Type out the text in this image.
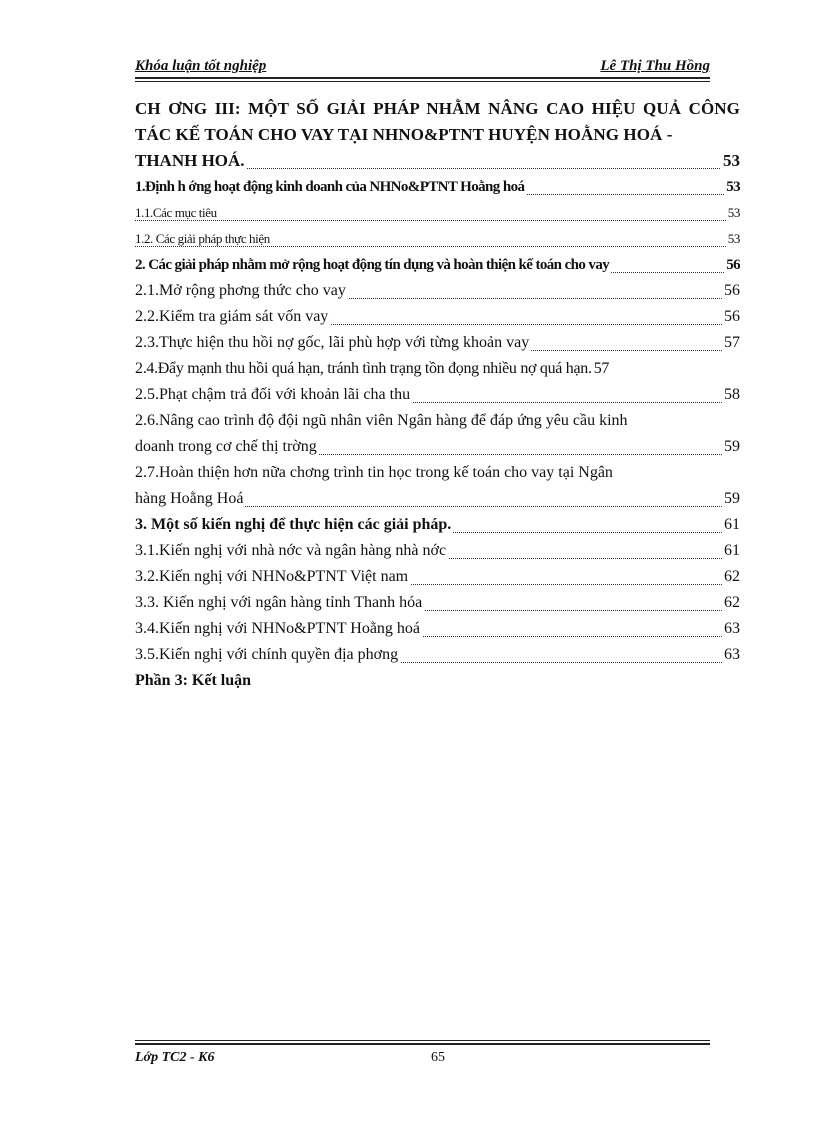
Khóa luận tốt nghiệp	Lê Thị Thu Hồng
CH ƠNG III: MỘT SỐ GIẢI PHÁP NHẰM NÂNG CAO HIỆU QUẢ CÔNG TÁC KẾ TOÁN CHO VAY TẠI NHNO&PTNT HUYỆN HOẰNG HOÁ -
THANH HOÁ.	53
1.Định h ớng hoạt động kinh doanh của NHNo&PTNT Hoằng hoá	53
1.1.Các mục tiêu	53
1.2. Các giải pháp thực hiện	53
2. Các giải pháp nhằm mở rộng hoạt động tín dụng và hoàn thiện kế toán cho vay	56
2.1.Mở rộng phơng thức cho vay	56
2.2.Kiểm tra giám sát vốn vay	56
2.3.Thực hiện thu hồi nợ gốc, lãi phù hợp với từng khoản vay	57
2.4.Đẩy mạnh thu hồi quá hạn, tránh tình trạng tồn đọng nhiều nợ quá hạn. 57
2.5.Phạt chậm trả đối với khoản lãi cha thu	58
2.6.Nâng cao trình độ đội ngũ nhân viên Ngân hàng để đáp ứng yêu cầu kinh
doanh trong cơ chế thị trờng	59
2.7.Hoàn thiện hơn nữa chơng trình tin học trong kế toán cho vay tại Ngân
hàng Hoằng Hoá	59
3. Một số kiến nghị để thực hiện các giải pháp.	61
3.1.Kiến nghị với nhà nớc và ngân hàng nhà nớc	61
3.2.Kiến nghị với NHNo&PTNT Việt nam	62
3.3. Kiến nghị với ngân hàng tỉnh Thanh hóa	62
3.4.Kiến nghị với NHNo&PTNT Hoằng hoá	63
3.5.Kiến nghị với chính quyền địa phơng	63
Phần 3: Kết luận
Lớp TC2 - K6	65
